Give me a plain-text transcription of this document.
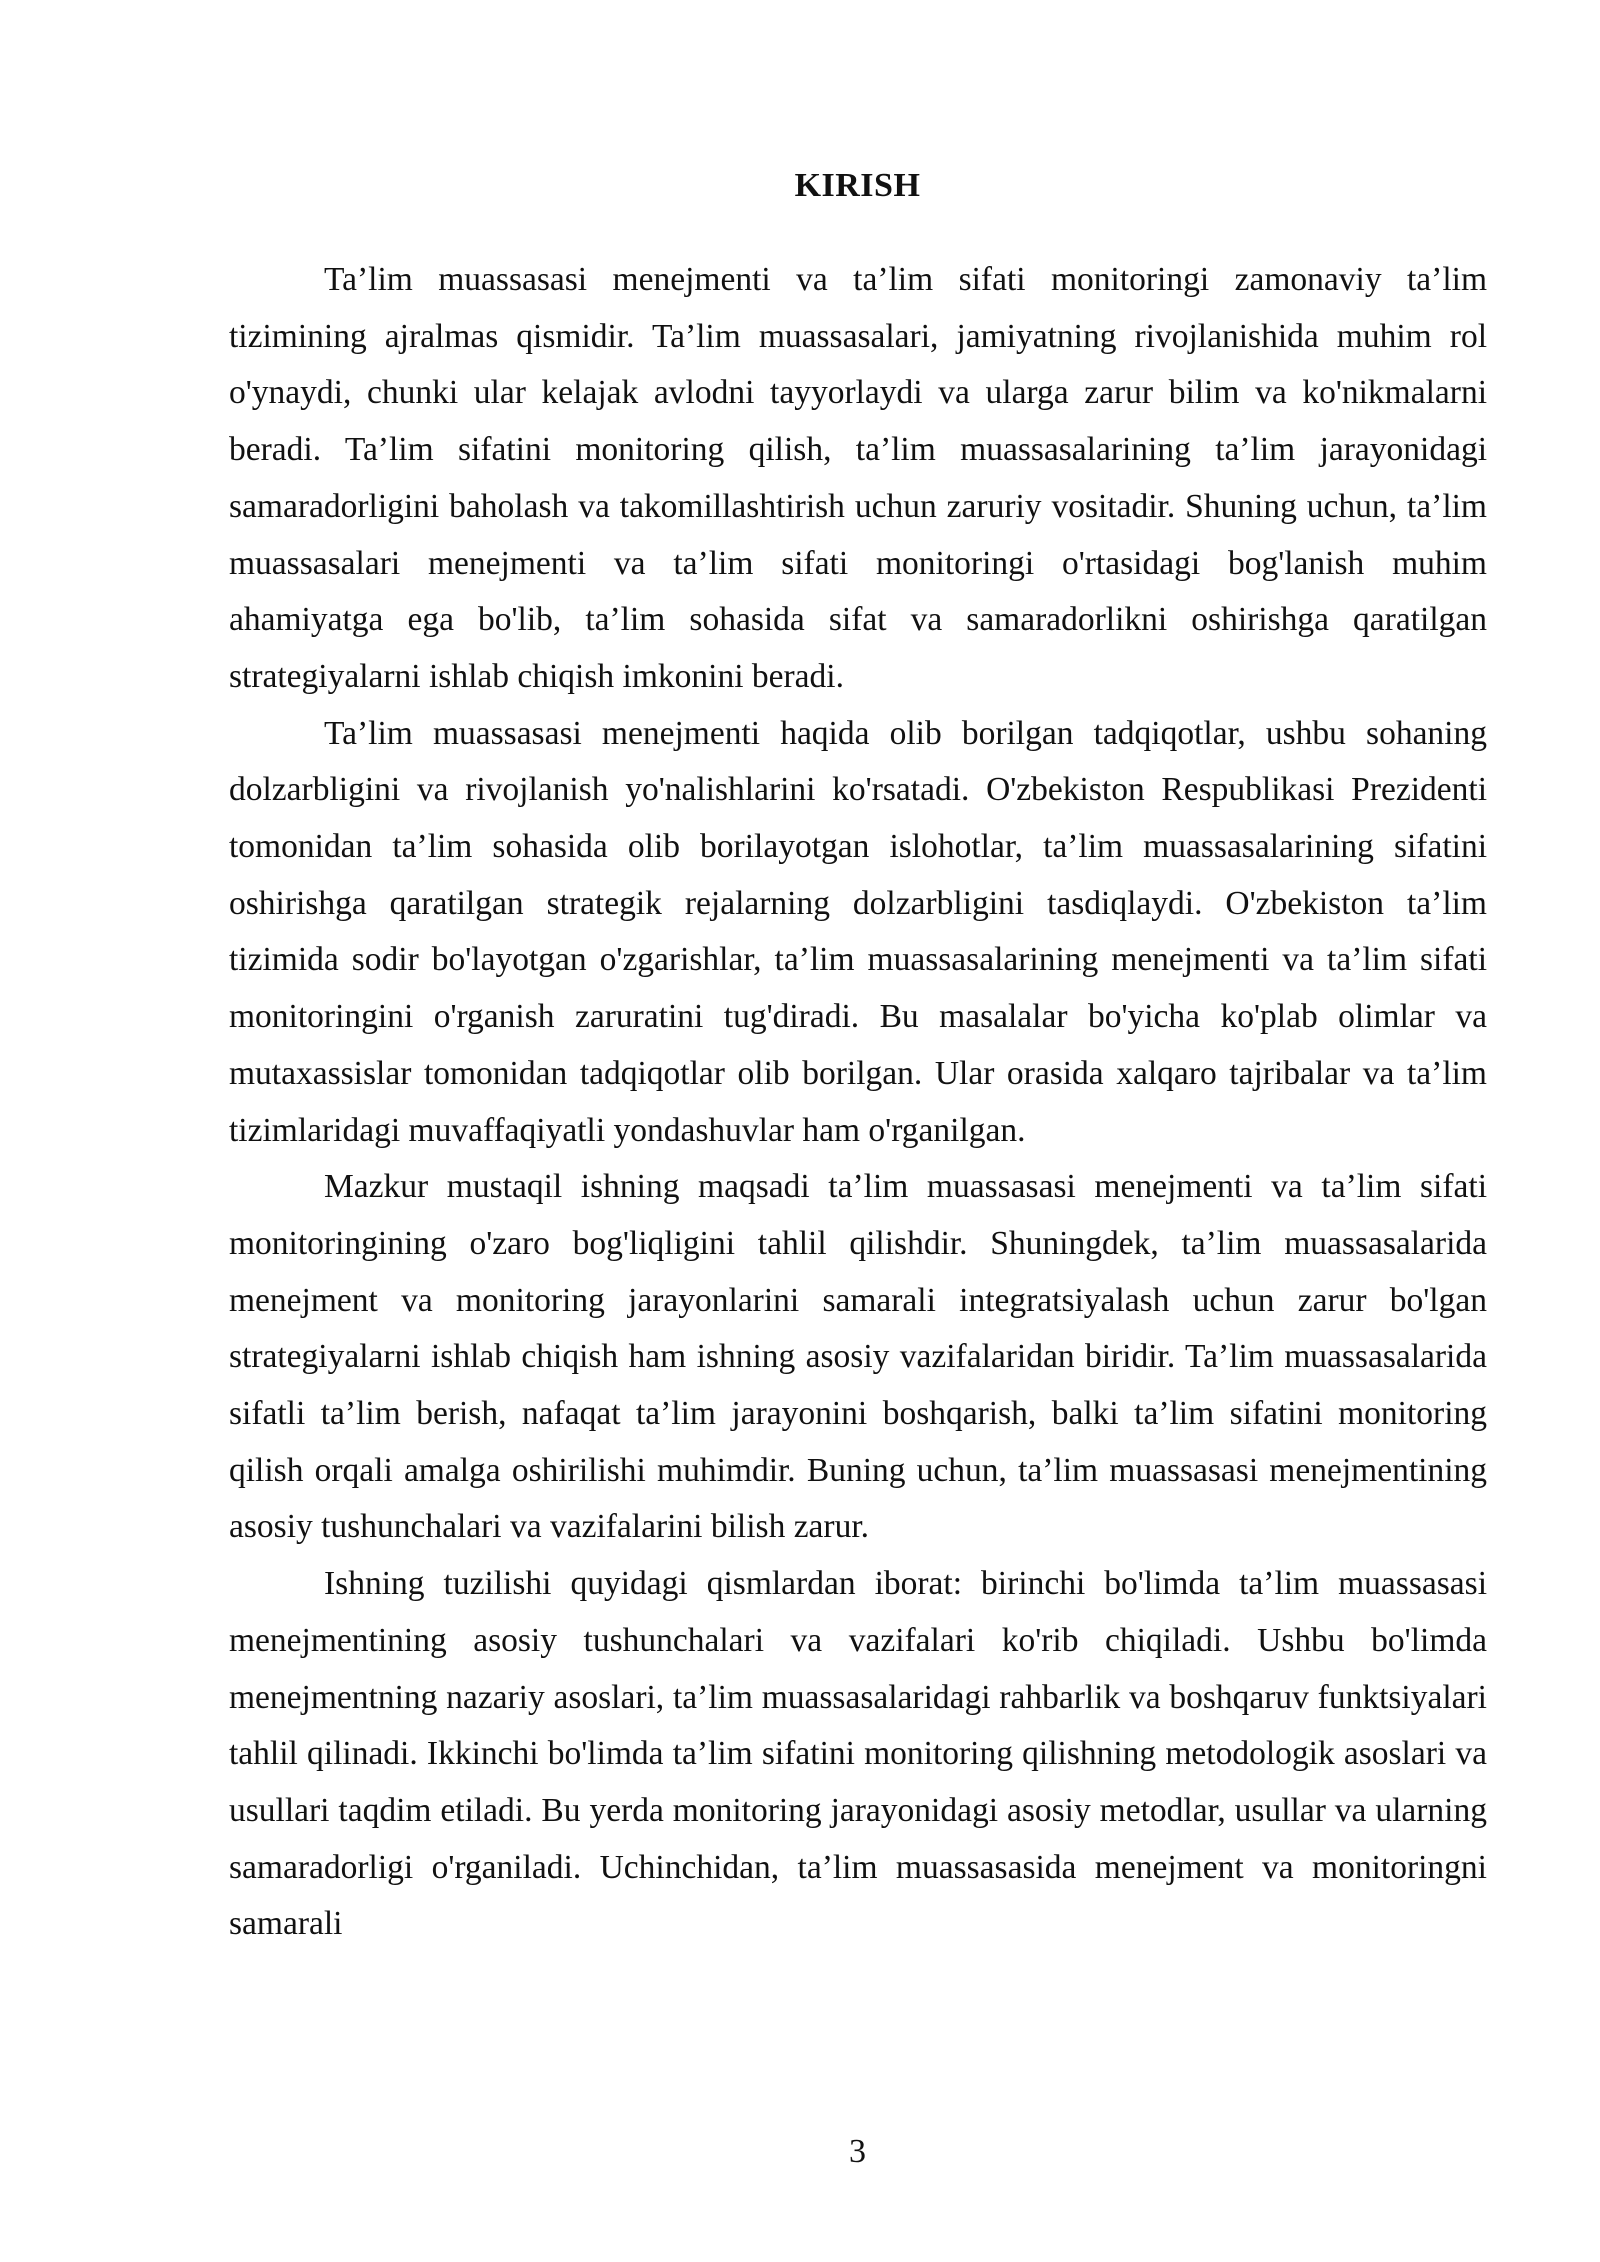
KIRISH

Ta’lim muassasasi menejmenti va ta’lim sifati monitoringi zamonaviy ta’lim tizimining ajralmas qismidir. Ta’lim muassasalari, jamiyatning rivojlanishida muhim rol o'ynaydi, chunki ular kelajak avlodni tayyorlaydi va ularga zarur bilim va ko'nikmalarni beradi. Ta’lim sifatini monitoring qilish, ta’lim muassasalarining ta’lim jarayonidagi samaradorligini baholash va takomillashtirish uchun zaruriy vositadir. Shuning uchun, ta’lim muassasalari menejmenti va ta’lim sifati monitoringi o'rtasidagi bog'lanish muhim ahamiyatga ega bo'lib, ta’lim sohasida sifat va samaradorlikni oshirishga qaratilgan strategiyalarni ishlab chiqish imkonini beradi.

Ta’lim muassasasi menejmenti haqida olib borilgan tadqiqotlar, ushbu sohaning dolzarbligini va rivojlanish yo'nalishlarini ko'rsatadi. O'zbekiston Respublikasi Prezidenti tomonidan ta’lim sohasida olib borilayotgan islohotlar, ta’lim muassasalarining sifatini oshirishga qaratilgan strategik rejalarning dolzarbligini tasdiqlaydi. O'zbekiston ta’lim tizimida sodir bo'layotgan o'zgarishlar, ta’lim muassasalarining menejmenti va ta’lim sifati monitoringini o'rganish zaruratini tug'diradi. Bu masalalar bo'yicha ko'plab olimlar va mutaxassislar tomonidan tadqiqotlar olib borilgan. Ular orasida xalqaro tajribalar va ta’lim tizimlaridagi muvaffaqiyatli yondashuvlar ham o'rganilgan.

Mazkur mustaqil ishning maqsadi ta’lim muassasasi menejmenti va ta’lim sifati monitoringining o'zaro bog'liqligini tahlil qilishdir. Shuningdek, ta’lim muassasalarida menejment va monitoring jarayonlarini samarali integratsiyalash uchun zarur bo'lgan strategiyalarni ishlab chiqish ham ishning asosiy vazifalaridan biridir. Ta’lim muassasalarida sifatli ta’lim berish, nafaqat ta’lim jarayonini boshqarish, balki ta’lim sifatini monitoring qilish orqali amalga oshirilishi muhimdir. Buning uchun, ta’lim muassasasi menejmentining asosiy tushunchalari va vazifalarini bilish zarur.

Ishning tuzilishi quyidagi qismlardan iborat: birinchi bo'limda ta’lim muassasasi menejmentining asosiy tushunchalari va vazifalari ko'rib chiqiladi. Ushbu bo'limda menejmentning nazariy asoslari, ta’lim muassasalaridagi rahbarlik va boshqaruv funktsiyalari tahlil qilinadi. Ikkinchi bo'limda ta’lim sifatini monitoring qilishning metodologik asoslari va usullari taqdim etiladi. Bu yerda monitoring jarayonidagi asosiy metodlar, usullar va ularning samaradorligi o'rganiladi. Uchinchidan, ta’lim muassasasida menejment va monitoringni samarali

3
